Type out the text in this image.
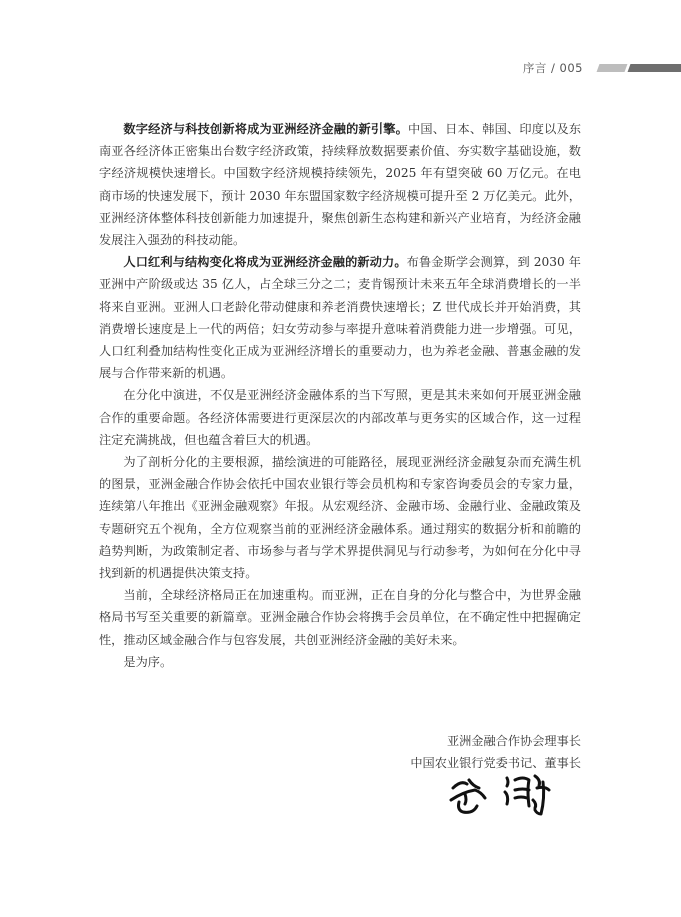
序言 / 005

数字经济与科技创新将成为亚洲经济金融的新引擎。中国、日本、韩国、印度以及东南亚各经济体正密集出台数字经济政策，持续释放数据要素价值、夯实数字基础设施，数字经济规模快速增长。中国数字经济规模持续领先，2025 年有望突破 60 万亿元。在电商市场的快速发展下，预计 2030 年东盟国家数字经济规模可提升至 2 万亿美元。此外，亚洲经济体整体科技创新能力加速提升，聚焦创新生态构建和新兴产业培育，为经济金融发展注入强劲的科技动能。

人口红利与结构变化将成为亚洲经济金融的新动力。布鲁金斯学会测算，到 2030 年亚洲中产阶级或达 35 亿人，占全球三分之二；麦肯锡预计未来五年全球消费增长的一半将来自亚洲。亚洲人口老龄化带动健康和养老消费快速增长；Z 世代成长并开始消费，其消费增长速度是上一代的两倍；妇女劳动参与率提升意味着消费能力进一步增强。可见，人口红利叠加结构性变化正成为亚洲经济增长的重要动力，也为养老金融、普惠金融的发展与合作带来新的机遇。

在分化中演进，不仅是亚洲经济金融体系的当下写照，更是其未来如何开展亚洲金融合作的重要命题。各经济体需要进行更深层次的内部改革与更务实的区域合作，这一过程注定充满挑战，但也蕴含着巨大的机遇。

为了剖析分化的主要根源，描绘演进的可能路径，展现亚洲经济金融复杂而充满生机的图景，亚洲金融合作协会依托中国农业银行等会员机构和专家咨询委员会的专家力量，连续第八年推出《亚洲金融观察》年报。从宏观经济、金融市场、金融行业、金融政策及专题研究五个视角，全方位观察当前的亚洲经济金融体系。通过翔实的数据分析和前瞻的趋势判断，为政策制定者、市场参与者与学术界提供洞见与行动参考，为如何在分化中寻找到新的机遇提供决策支持。

当前，全球经济格局正在加速重构。而亚洲，正在自身的分化与整合中，为世界金融格局书写至关重要的新篇章。亚洲金融合作协会将携手会员单位，在不确定性中把握确定性，推动区域金融合作与包容发展，共创亚洲经济金融的美好未来。

是为序。

亚洲金融合作协会理事长
中国农业银行党委书记、董事长
